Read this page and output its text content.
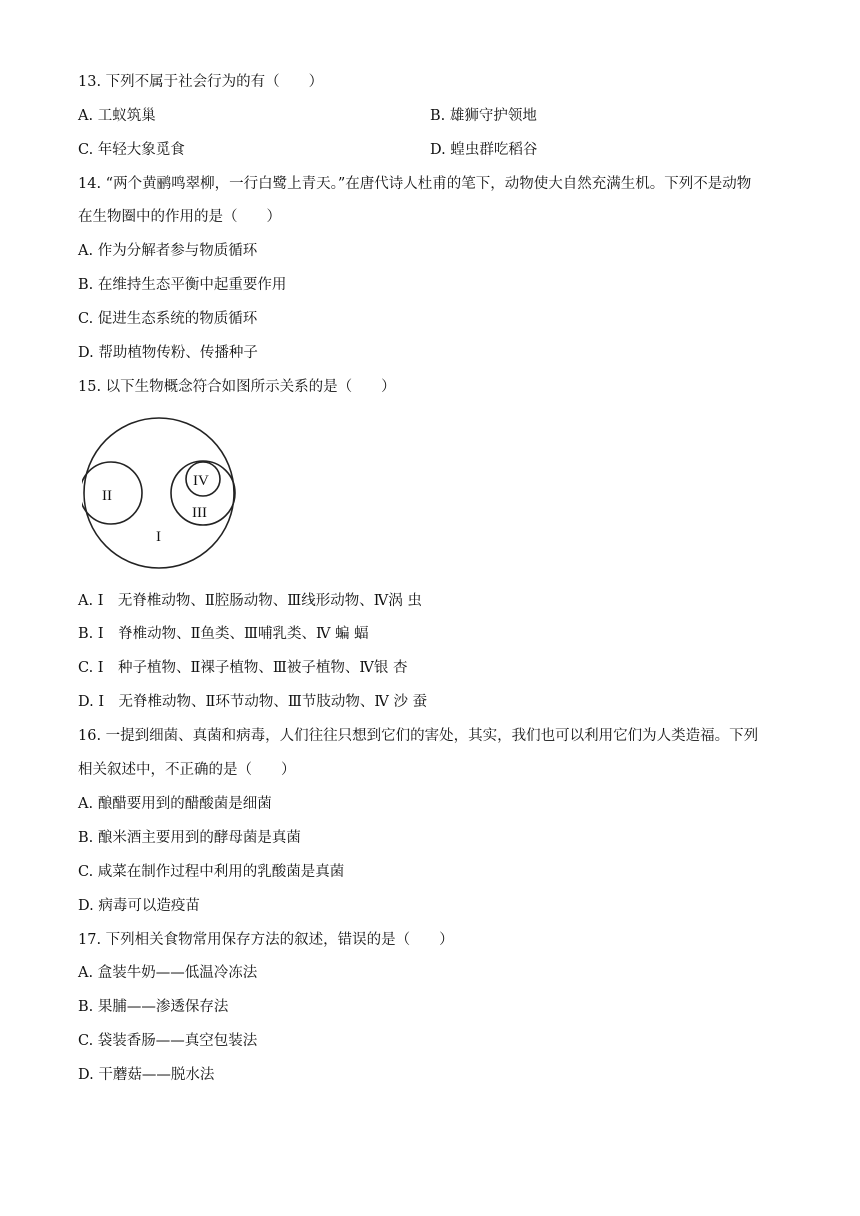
13. 下列不属于社会行为的有（　　）
A. 工蚁筑巢	B. 雄狮守护领地
C. 年轻大象觅食	D. 蝗虫群吃稻谷
14. “两个黄鹂鸣翠柳，一行白鹭上青天。”在唐代诗人杜甫的笔下，动物使大自然充满生机。下列不是动物
在生物圈中的作用的是（　　）
A. 作为分解者参与物质循环
B. 在维持生态平衡中起重要作用
C. 促进生态系统的物质循环
D. 帮助植物传粉、传播种子
15. 以下生物概念符合如图所示关系的是（　　）
I
II
III
IV
A. I　无脊椎动物、Ⅱ腔肠动物、Ⅲ线形动物、Ⅳ涡 虫
B. I　脊椎动物、Ⅱ鱼类、Ⅲ哺乳类、Ⅳ 蝙 蝠
C. I　种子植物、Ⅱ裸子植物、Ⅲ被子植物、Ⅳ银 杏
D. I　无脊椎动物、Ⅱ环节动物、Ⅲ节肢动物、Ⅳ 沙 蚕
16. 一提到细菌、真菌和病毒，人们往往只想到它们的害处，其实，我们也可以利用它们为人类造福。下列
相关叙述中，不正确的是（　　）
A. 酿醋要用到的醋酸菌是细菌
B. 酿米酒主要用到的酵母菌是真菌
C. 咸菜在制作过程中利用的乳酸菌是真菌
D. 病毒可以造疫苗
17. 下列相关食物常用保存方法的叙述，错误的是（　　）
A. 盒装牛奶——低温冷冻法
B. 果脯——渗透保存法
C. 袋装香肠——真空包装法
D. 干蘑菇——脱水法
